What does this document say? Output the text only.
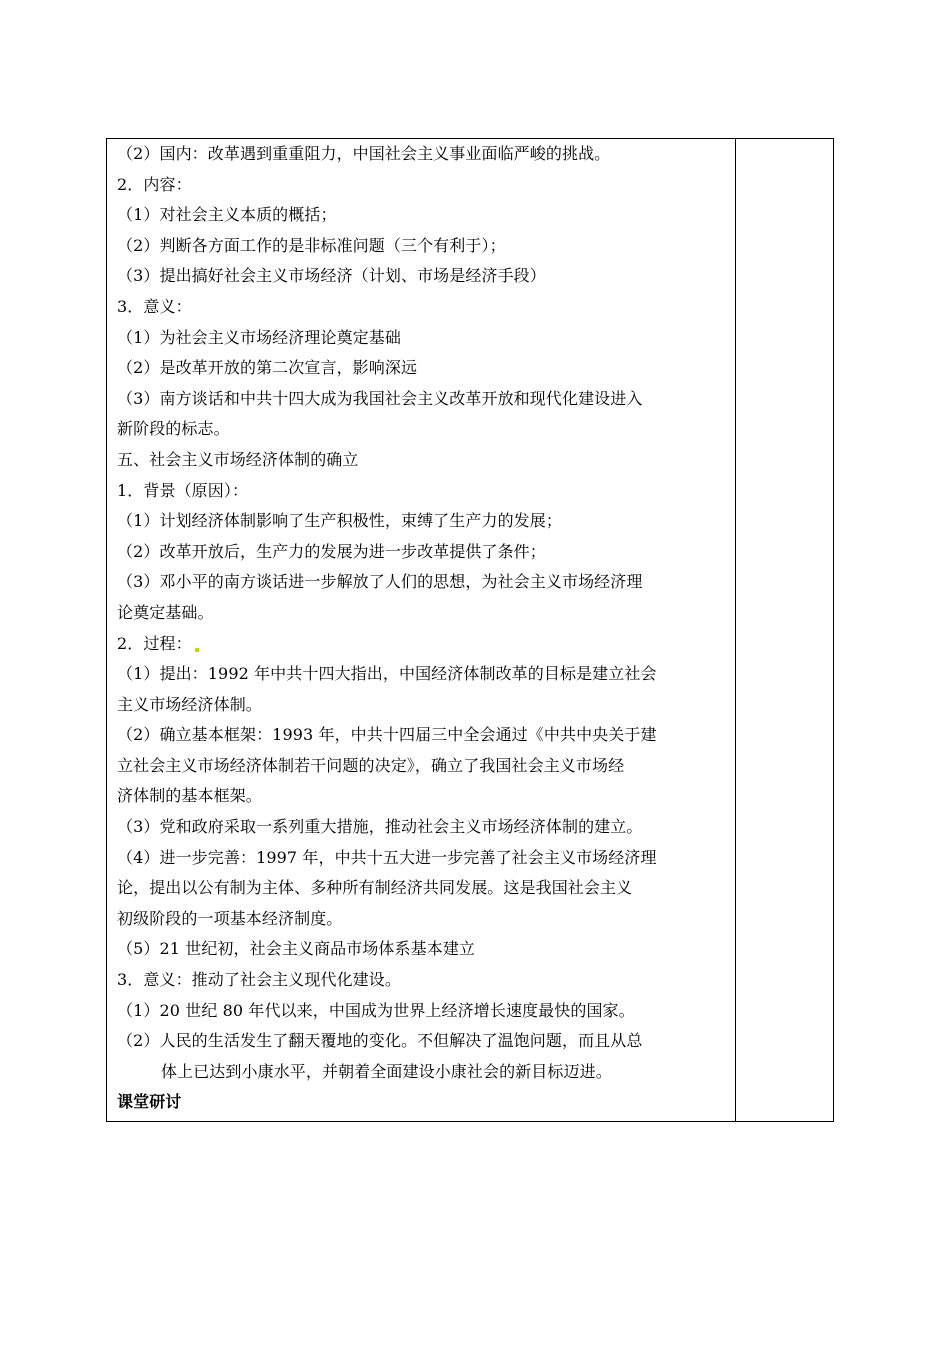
（2）国内：改革遇到重重阻力，中国社会主义事业面临严峻的挑战。
2．内容：
（1）对社会主义本质的概括；
（2）判断各方面工作的是非标准问题（三个有利于）；
（3）提出搞好社会主义市场经济（计划、市场是经济手段）
3．意义：
（1）为社会主义市场经济理论奠定基础
（2）是改革开放的第二次宣言，影响深远
（3）南方谈话和中共十四大成为我国社会主义改革开放和现代化建设进入
新阶段的标志。
五、社会主义市场经济体制的确立
1．背景（原因）：
（1）计划经济体制影响了生产积极性，束缚了生产力的发展；
（2）改革开放后，生产力的发展为进一步改革提供了条件；
（3）邓小平的南方谈话进一步解放了人们的思想，为社会主义市场经济理
论奠定基础。
2．过程：
（1）提出：1992 年中共十四大指出，中国经济体制改革的目标是建立社会
主义市场经济体制。
（2）确立基本框架：1993 年，中共十四届三中全会通过《中共中央关于建
立社会主义市场经济体制若干问题的决定》，确立了我国社会主义市场经
济体制的基本框架。
（3）党和政府采取一系列重大措施，推动社会主义市场经济体制的建立。
（4）进一步完善：1997 年，中共十五大进一步完善了社会主义市场经济理
论，提出以公有制为主体、多种所有制经济共同发展。这是我国社会主义
初级阶段的一项基本经济制度。
（5）21 世纪初，社会主义商品市场体系基本建立
3．意义：推动了社会主义现代化建设。
（1）20 世纪 80 年代以来，中国成为世界上经济增长速度最快的国家。
（2）人民的生活发生了翻天覆地的变化。不但解决了温饱问题，而且从总
体上已达到小康水平，并朝着全面建设小康社会的新目标迈进。
课堂研讨
